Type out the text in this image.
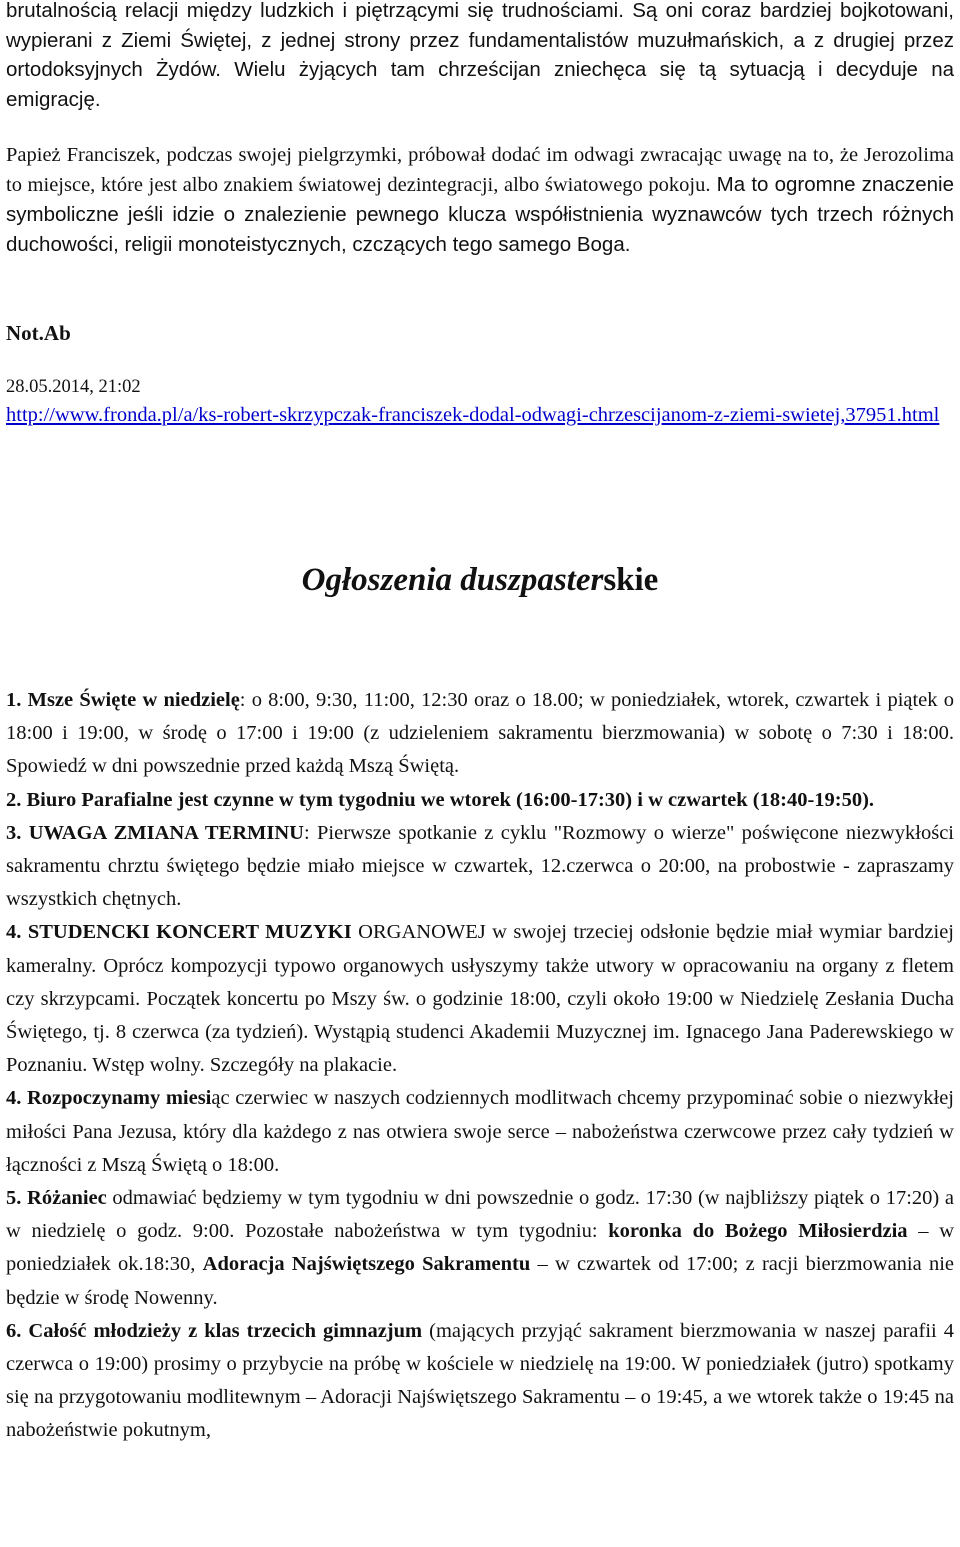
brutalnością relacji między ludzkich i piętrzącymi się trudnościami. Są oni coraz bardziej bojkotowani, wypierani z Ziemi Świętej, z jednej strony przez fundamentalistów muzułmańskich, a z drugiej przez ortodoksyjnych Żydów. Wielu żyjących tam chrześcijan zniechęca się tą sytuacją i decyduje na emigrację.

Papież Franciszek, podczas swojej pielgrzymki, próbował dodać im odwagi zwracając uwagę na to, że Jerozolima to miejsce, które jest albo znakiem światowej dezintegracji, albo światowego pokoju. Ma to ogromne znaczenie symboliczne jeśli idzie o znalezienie pewnego klucza współistnienia wyznawców tych trzech różnych duchowości, religii monoteistycznych, czczących tego samego Boga.

Not.Ab
28.05.2014, 21:02
http://www.fronda.pl/a/ks-robert-skrzypczak-franciszek-dodal-odwagi-chrzescijanom-z-ziemi-swietej,37951.html
Ogłoszenia duszpasterskie

1. Msze Święte w niedzielę: o 8:00, 9:30, 11:00, 12:30 oraz o 18.00; w poniedziałek, wtorek, czwartek i piątek o 18:00 i 19:00, w środę o 17:00 i 19:00 (z udzieleniem sakramentu bierzmowania) w sobotę o 7:30 i 18:00. Spowiedź w dni powszednie przed każdą Mszą Świętą.

2. Biuro Parafialne jest czynne w tym tygodniu we wtorek (16:00-17:30) i w czwartek (18:40-19:50).

3. UWAGA ZMIANA TERMINU: Pierwsze spotkanie z cyklu "Rozmowy o wierze" poświęcone niezwykłości sakramentu chrztu świętego będzie miało miejsce w czwartek, 12.czerwca o 20:00, na probostwie - zapraszamy wszystkich chętnych.

4. STUDENCKI KONCERT MUZYKI ORGANOWEJ w swojej trzeciej odsłonie będzie miał wymiar bardziej kameralny. Oprócz kompozycji typowo organowych usłyszymy także utwory w opracowaniu na organy z fletem czy skrzypcami. Początek koncertu po Mszy św. o godzinie 18:00, czyli około 19:00 w Niedzielę Zesłania Ducha Świętego, tj. 8 czerwca (za tydzień). Wystąpią studenci Akademii Muzycznej im. Ignacego Jana Paderewskiego w Poznaniu. Wstęp wolny. Szczegóły na plakacie.

4. Rozpoczynamy miesiąc czerwiec w naszych codziennych modlitwach chcemy przypominać sobie o niezwykłej miłości Pana Jezusa, który dla każdego z nas otwiera swoje serce – nabożeństwa czerwcowe przez cały tydzień w łączności z Mszą Świętą o 18:00.

5. Różaniec odmawiać będziemy w tym tygodniu w dni powszednie o godz. 17:30 (w najbliższy piątek o 17:20) a w niedzielę o godz. 9:00. Pozostałe nabożeństwa w tym tygodniu: koronka do Bożego Miłosierdzia – w poniedziałek ok.18:30, Adoracja Najświętszego Sakramentu – w czwartek od 17:00; z racji bierzmowania nie będzie w środę Nowenny.

6. Całość młodzieży z klas trzecich gimnazjum (mających przyjąć sakrament bierzmowania w naszej parafii 4 czerwca o 19:00) prosimy o przybycie na próbę w kościele w niedzielę na 19:00. W poniedziałek (jutro) spotkamy się na przygotowaniu modlitewnym – Adoracji Najświętszego Sakramentu – o 19:45, a we wtorek także o 19:45 na nabożeństwie pokutnym,
